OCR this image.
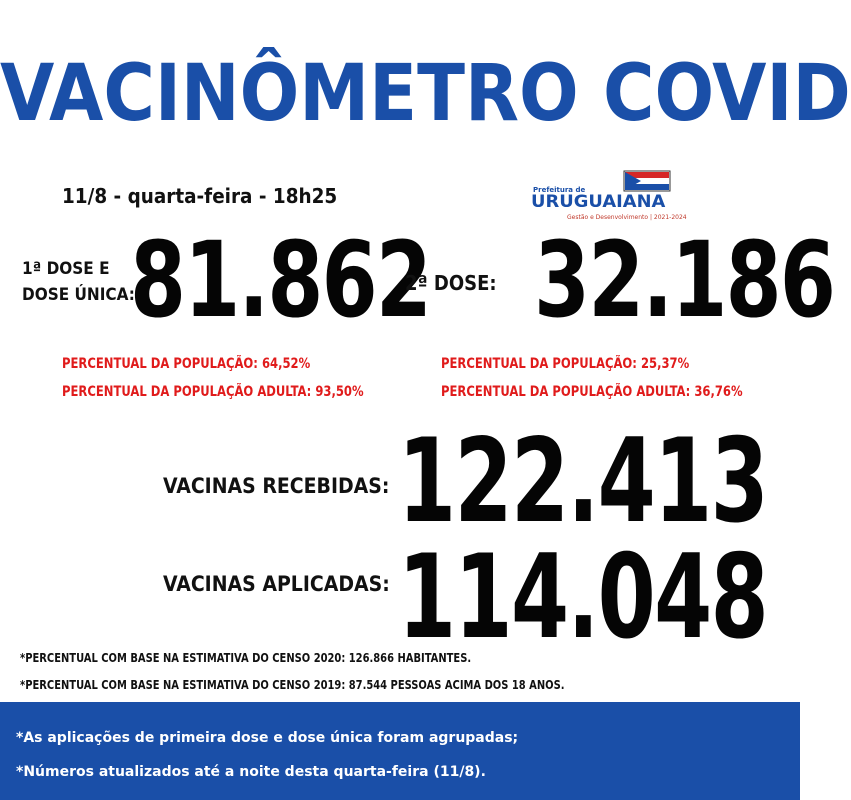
VACINÔMETRO COVID
11/8 - quarta-feira - 18h25	Prefeitura de
URUGUAIANA
Gestão e Desenvolvimento | 2021-2024
1ª DOSE E
DOSE ÚNICA:
81.862
2ª DOSE: 32.186
PERCENTUAL DA POPULAÇÃO: 64,52%
PERCENTUAL DA POPULAÇÃO ADULTA: 93,50%
PERCENTUAL DA POPULAÇÃO: 25,37%
PERCENTUAL DA POPULAÇÃO ADULTA: 36,76%
VACINAS RECEBIDAS: 122.413
VACINAS APLICADAS: 114.048
*PERCENTUAL COM BASE NA ESTIMATIVA DO CENSO 2020: 126.866 HABITANTES.
*PERCENTUAL COM BASE NA ESTIMATIVA DO CENSO 2019: 87.544 PESSOAS ACIMA DOS 18 ANOS.
*As aplicações de primeira dose e dose única foram agrupadas;
*Números atualizados até a noite desta quarta-feira (11/8).
